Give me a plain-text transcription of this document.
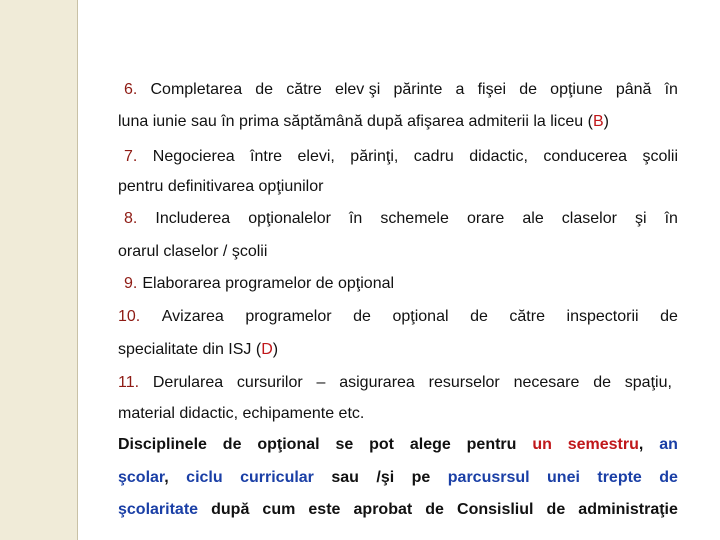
6. Completarea de către elev şi părinte a fişei de opţiune până în
luna iunie sau în prima săptămână după afişarea admiterii la liceu (B)
7. Negocierea între elevi, părinţi, cadru didactic, conducerea şcolii
pentru definitivarea opţiunilor
8. Includerea opţionalelor în schemele orare ale claselor şi în
orarul claselor / şcolii
9. Elaborarea programelor de opţional
10. Avizarea programelor de opţional de către inspectorii de
specialitate din ISJ (D)
11. Derularea cursurilor – asigurarea resurselor necesare de spaţiu,
material didactic, echipamente etc.
Disciplinele de opţional se pot alege pentru un semestru, an
şcolar, ciclu curricular sau /şi pe parcusrsul unei trepte de
şcolaritate după cum este aprobat de Consisliul de administraţie
